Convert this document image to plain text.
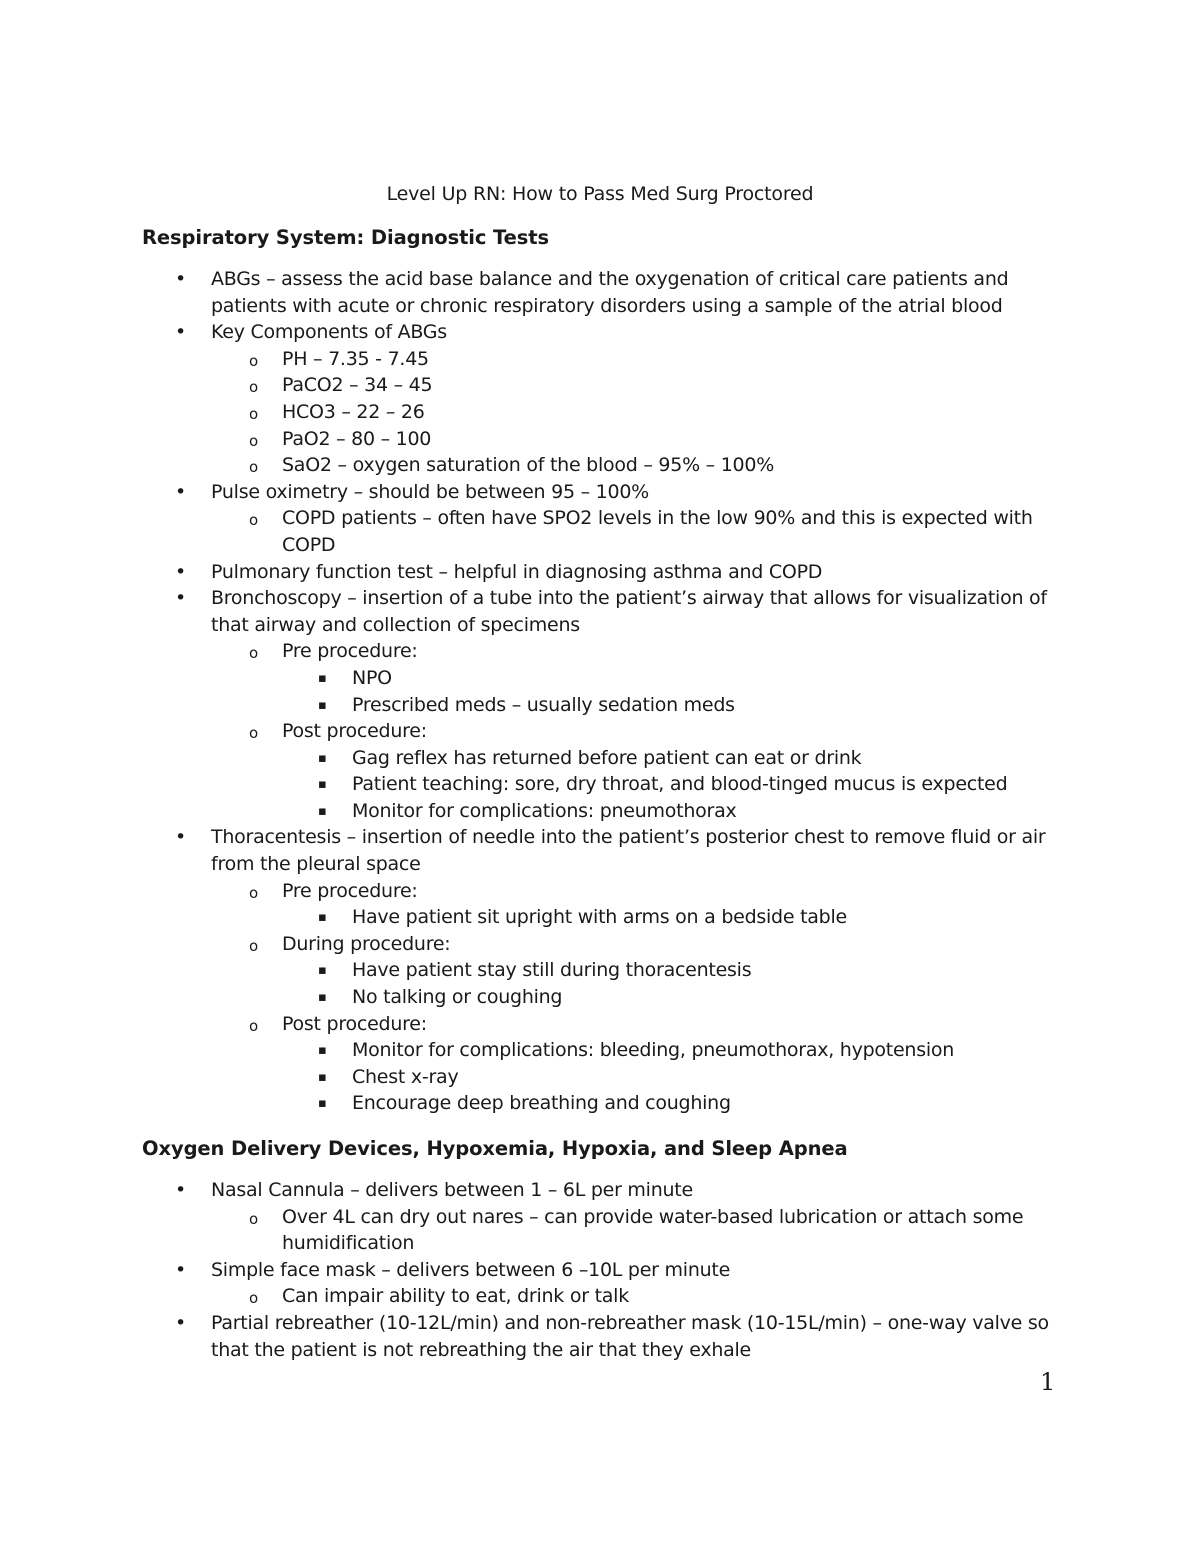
Level Up RN: How to Pass Med Surg Proctored
Respiratory System: Diagnostic Tests
• ABGs – assess the acid base balance and the oxygenation of critical care patients and patients with acute or chronic respiratory disorders using a sample of the atrial blood
• Key Components of ABGs
o PH – 7.35 - 7.45
o PaCO2 – 34 – 45
o HCO3 – 22 – 26
o PaO2 – 80 – 100
o SaO2 – oxygen saturation of the blood – 95% – 100%
• Pulse oximetry – should be between 95 – 100%
o COPD patients – often have SPO2 levels in the low 90% and this is expected with COPD
• Pulmonary function test – helpful in diagnosing asthma and COPD
• Bronchoscopy – insertion of a tube into the patient’s airway that allows for visualization of that airway and collection of specimens
o Pre procedure:
▪ NPO
▪ Prescribed meds – usually sedation meds
o Post procedure:
▪ Gag reflex has returned before patient can eat or drink
▪ Patient teaching: sore, dry throat, and blood-tinged mucus is expected
▪ Monitor for complications: pneumothorax
• Thoracentesis – insertion of needle into the patient’s posterior chest to remove fluid or air from the pleural space
o Pre procedure:
▪ Have patient sit upright with arms on a bedside table
o During procedure:
▪ Have patient stay still during thoracentesis
▪ No talking or coughing
o Post procedure:
▪ Monitor for complications: bleeding, pneumothorax, hypotension
▪ Chest x-ray
▪ Encourage deep breathing and coughing
Oxygen Delivery Devices, Hypoxemia, Hypoxia, and Sleep Apnea
• Nasal Cannula – delivers between 1 – 6L per minute
o Over 4L can dry out nares – can provide water-based lubrication or attach some humidification
• Simple face mask – delivers between 6 –10L per minute
o Can impair ability to eat, drink or talk
• Partial rebreather (10-12L/min) and non-rebreather mask (10-15L/min) – one-way valve so that the patient is not rebreathing the air that they exhale
1
